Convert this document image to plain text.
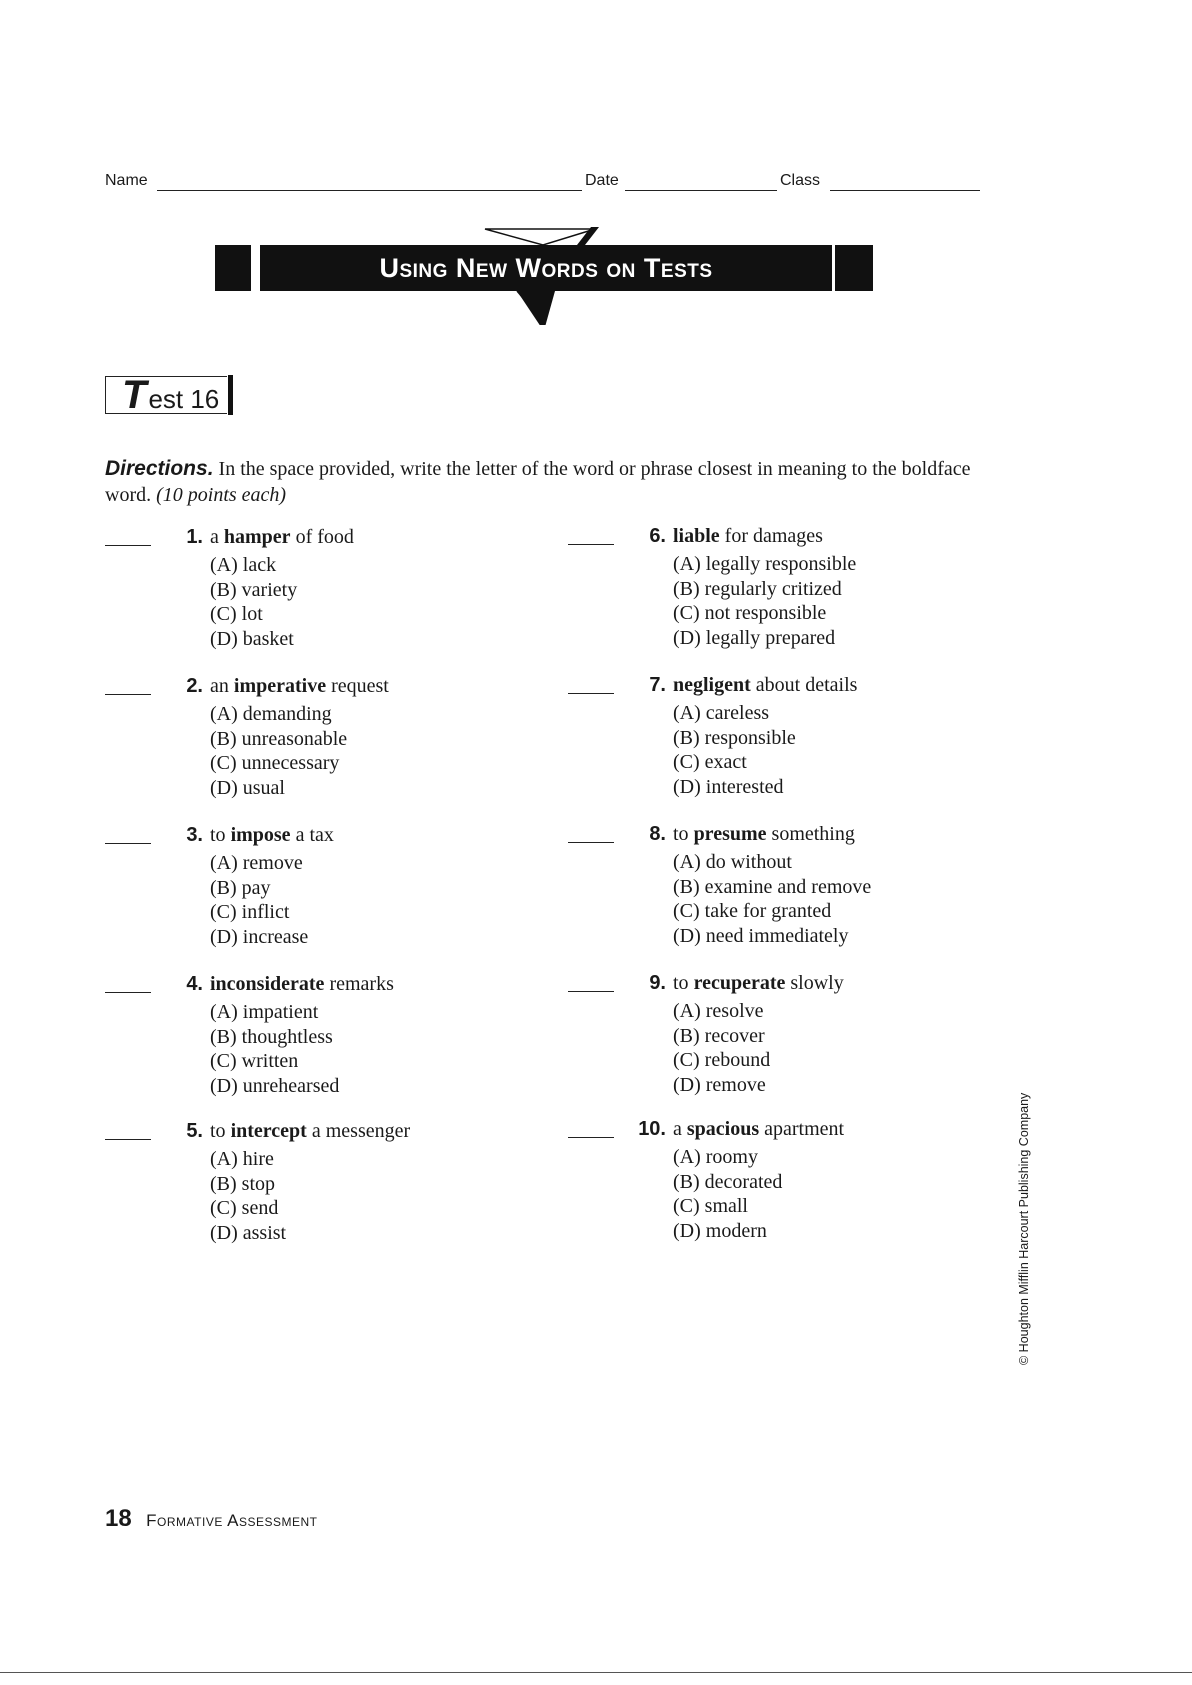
Name	Date	Class
Using New Words on Tests
Test 16
Directions. In the space provided, write the letter of the word or phrase closest in meaning to the boldface word. (10 points each)
1. a hamper of food
(A) lack
(B) variety
(C) lot
(D) basket
2. an imperative request
(A) demanding
(B) unreasonable
(C) unnecessary
(D) usual
3. to impose a tax
(A) remove
(B) pay
(C) inflict
(D) increase
4. inconsiderate remarks
(A) impatient
(B) thoughtless
(C) written
(D) unrehearsed
5. to intercept a messenger
(A) hire
(B) stop
(C) send
(D) assist
6. liable for damages
(A) legally responsible
(B) regularly critized
(C) not responsible
(D) legally prepared
7. negligent about details
(A) careless
(B) responsible
(C) exact
(D) interested
8. to presume something
(A) do without
(B) examine and remove
(C) take for granted
(D) need immediately
9. to recuperate slowly
(A) resolve
(B) recover
(C) rebound
(D) remove
10. a spacious apartment
(A) roomy
(B) decorated
(C) small
(D) modern	© Houghton Mifflin Harcourt Publishing Company
18 Formative Assessment
